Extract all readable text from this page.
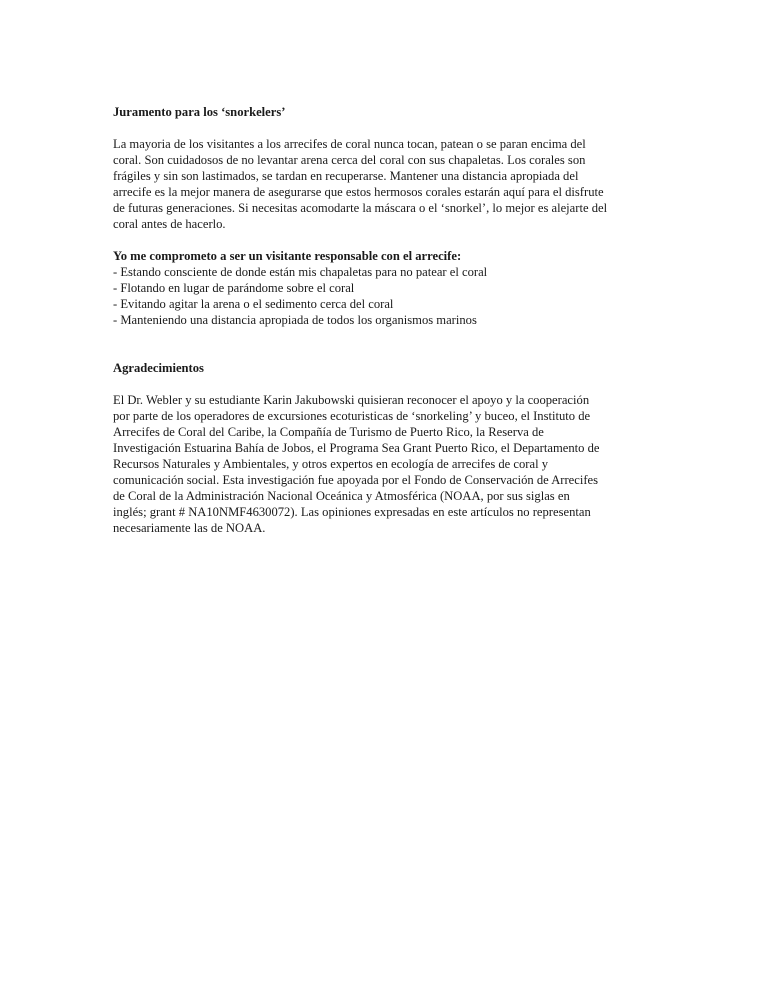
Juramento para los ‘snorkelers’

La mayoria de los visitantes a los arrecifes de coral nunca tocan, patean o se paran encima del
coral. Son cuidadosos de no levantar arena cerca del coral con sus chapaletas. Los corales son
frágiles y sin son lastimados, se tardan en recuperarse. Mantener una distancia apropiada del
arrecife es la mejor manera de asegurarse que estos hermosos corales estarán aquí para el disfrute
de futuras generaciones. Si necesitas acomodarte la máscara o el ‘snorkel’, lo mejor es alejarte del
coral antes de hacerlo.

Yo me comprometo a ser un visitante responsable con el arrecife:

- Estando consciente de donde están mis chapaletas para no patear el coral
- Flotando en lugar de parándome sobre el coral
- Evitando agitar la arena o el sedimento cerca del coral
- Manteniendo una distancia apropiada de todos los organismos marinos

Agradecimientos

El Dr. Webler y su estudiante Karin Jakubowski quisieran reconocer el apoyo y la cooperación
por parte de los operadores de excursiones ecoturisticas de ‘snorkeling’ y buceo, el Instituto de
Arrecifes de Coral del Caribe, la Compañía de Turismo de Puerto Rico, la Reserva de
Investigación Estuarina Bahía de Jobos, el Programa Sea Grant Puerto Rico, el Departamento de
Recursos Naturales y Ambientales, y otros expertos en ecología de arrecifes de coral y
comunicación social. Esta investigación fue apoyada por el Fondo de Conservación de Arrecifes
de Coral de la Administración Nacional Oceánica y Atmosférica (NOAA, por sus siglas en
inglés; grant # NA10NMF4630072). Las opiniones expresadas en este artículos no representan
necesariamente las de NOAA.
